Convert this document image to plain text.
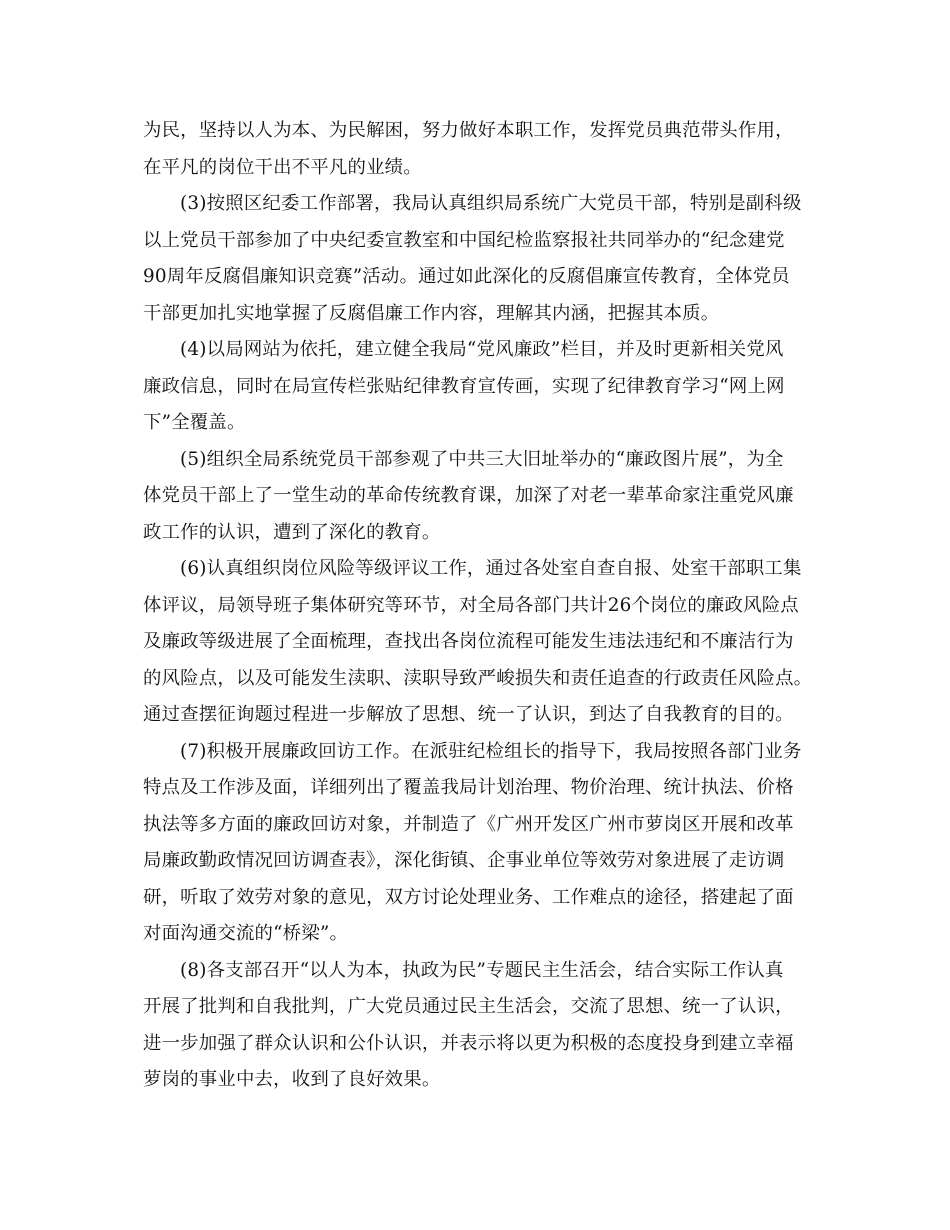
为民，坚持以人为本、为民解困，努力做好本职工作，发挥党员典范带头作用，
在平凡的岗位干出不平凡的业绩。
(3)按照区纪委工作部署，我局认真组织局系统广大党员干部，特别是副科级
以上党员干部参加了中央纪委宣教室和中国纪检监察报社共同举办的“纪念建党
90周年反腐倡廉知识竞赛”活动。通过如此深化的反腐倡廉宣传教育，全体党员
干部更加扎实地掌握了反腐倡廉工作内容，理解其内涵，把握其本质。
(4)以局网站为依托，建立健全我局“党风廉政”栏目，并及时更新相关党风
廉政信息，同时在局宣传栏张贴纪律教育宣传画，实现了纪律教育学习“网上网
下”全覆盖。
(5)组织全局系统党员干部参观了中共三大旧址举办的“廉政图片展”，为全
体党员干部上了一堂生动的革命传统教育课，加深了对老一辈革命家注重党风廉
政工作的认识，遭到了深化的教育。
(6)认真组织岗位风险等级评议工作，通过各处室自查自报、处室干部职工集
体评议，局领导班子集体研究等环节，对全局各部门共计26个岗位的廉政风险点
及廉政等级进展了全面梳理，查找出各岗位流程可能发生违法违纪和不廉洁行为
的风险点，以及可能发生渎职、渎职导致严峻损失和责任追查的行政责任风险点。
通过查摆征询题过程进一步解放了思想、统一了认识，到达了自我教育的目的。
(7)积极开展廉政回访工作。在派驻纪检组长的指导下，我局按照各部门业务
特点及工作涉及面，详细列出了覆盖我局计划治理、物价治理、统计执法、价格
执法等多方面的廉政回访对象，并制造了《广州开发区广州市萝岗区开展和改革
局廉政勤政情况回访调查表》，深化街镇、企事业单位等效劳对象进展了走访调
研，听取了效劳对象的意见，双方讨论处理业务、工作难点的途径，搭建起了面
对面沟通交流的“桥梁”。
(8)各支部召开“以人为本，执政为民”专题民主生活会，结合实际工作认真
开展了批判和自我批判，广大党员通过民主生活会，交流了思想、统一了认识，
进一步加强了群众认识和公仆认识，并表示将以更为积极的态度投身到建立幸福
萝岗的事业中去，收到了良好效果。
